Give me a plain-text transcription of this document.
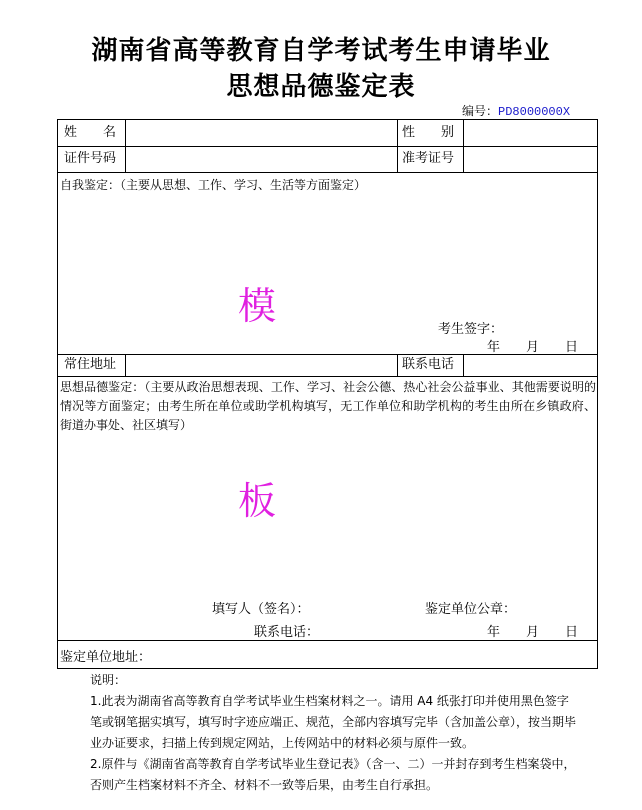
湖南省高等教育自学考试考生申请毕业
思想品德鉴定表
编号：PD8000000X
姓　　名	性　　别
证件号码	准考证号
自我鉴定：（主要从思想、工作、学习、生活等方面鉴定）
模
考生签字：
年　　月　　日
常住地址	联系电话
思想品德鉴定：（主要从政治思想表现、工作、学习、社会公德、热心社会公益事业、其他需要说明的情况等方面鉴定；由考生所在单位或助学机构填写，无工作单位和助学机构的考生由所在乡镇政府、街道办事处、社区填写）
板
填写人（签名）：	鉴定单位公章：
联系电话：	年　　月　　日
鉴定单位地址：
说明：
1.此表为湖南省高等教育自学考试毕业生档案材料之一。请用 A4 纸张打印并使用黑色签字笔或钢笔据实填写，填写时字迹应端正、规范，全部内容填写完毕（含加盖公章），按当期毕业办证要求，扫描上传到规定网站，上传网站中的材料必须与原件一致。
2.原件与《湖南省高等教育自学考试毕业生登记表》（含一、二）一并封存到考生档案袋中，否则产生档案材料不齐全、材料不一致等后果，由考生自行承担。
